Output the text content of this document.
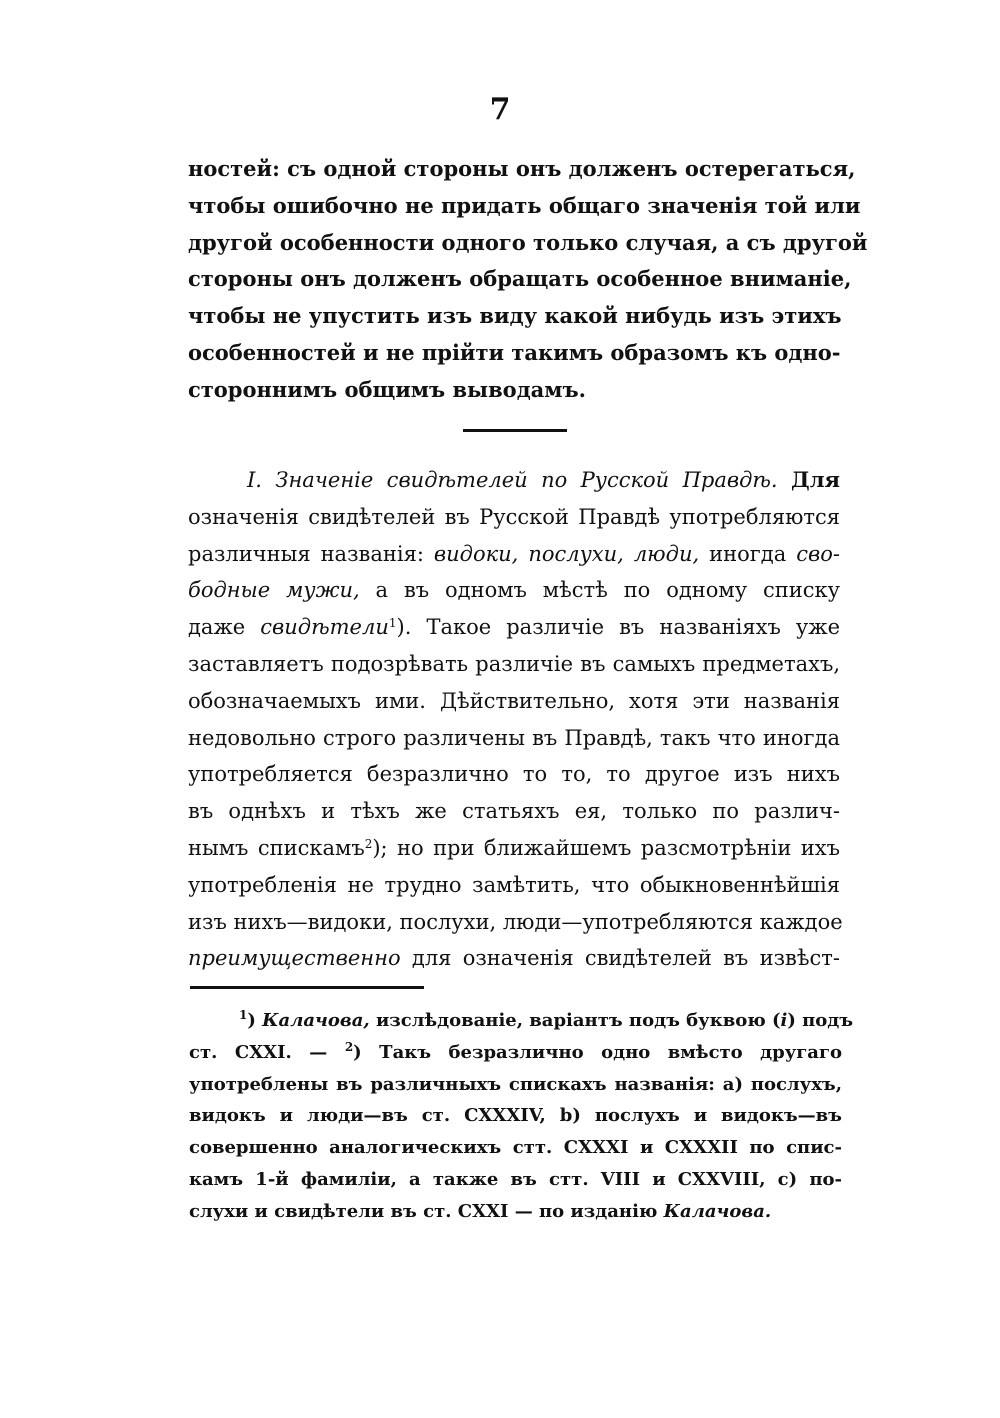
7
ностей: съ одной стороны онъ долженъ остерегаться,
чтобы ошибочно не придать общаго значенія той или
другой особенности одного только случая, а съ другой
стороны онъ долженъ обращать особенное вниманіе,
чтобы не упустить изъ виду какой нибудь изъ этихъ
особенностей и не прійти такимъ образомъ къ одно-
стороннимъ общимъ выводамъ.
I. Значеніе свидѣтелей по Русской Правдѣ. Для
означенія свидѣтелей въ Русской Правдѣ употребляются
различныя названія: видоки, послухи, люди, иногда сво-
бодные мужи, а въ одномъ мѣстѣ по одному списку
даже свидѣтели$^1$). Такое различіе въ названіяхъ уже
заставляетъ подозрѣвать различіе въ самыхъ предметахъ,
обозначаемыхъ ими. Дѣйствительно, хотя эти названія
недовольно строго различены въ Правдѣ, такъ что иногда
употребляется безразлично то то, то другое изъ нихъ
въ однѣхъ и тѣхъ же статьяхъ ея, только по различ-
нымъ спискамъ$^2$); но при ближайшемъ разсмотрѣніи ихъ
употребленія не трудно замѣтить, что обыкновеннѣйшія
изъ нихъ—видоки, послухи, люди—употребляются каждое
преимущественно для означенія свидѣтелей въ извѣст-
$^1$) Калачова, изслѣдованіе, варіантъ подъ буквою (i) подъ
ст. CXXI. — $^2$) Такъ безразлично одно вмѣсто другаго
употреблены въ различныхъ спискахъ названія: a) послухъ,
видокъ и люди—въ ст. CXXXIV, b) послухъ и видокъ—въ
совершенно аналогическихъ стт. CXXXI и CXXXII по спис-
камъ 1-й фамиліи, а также въ стт. VIII и CXXVIII, c) по-
слухи и свидѣтели въ ст. CXXI — по изданію Калачова.
